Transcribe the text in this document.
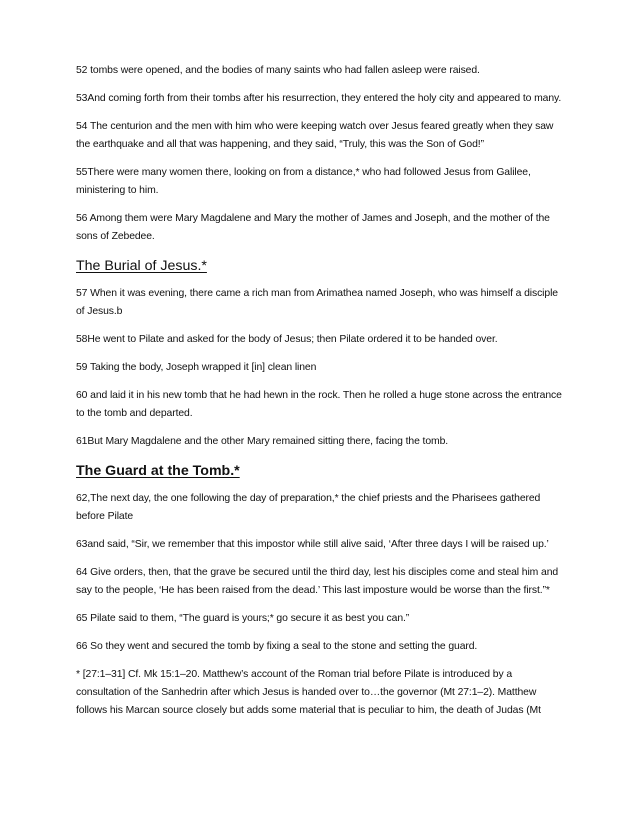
52 tombs were opened, and the bodies of many saints who had fallen asleep were raised.

53And coming forth from their tombs after his resurrection, they entered the holy city and appeared to many.

54 The centurion and the men with him who were keeping watch over Jesus feared greatly when they saw the earthquake and all that was happening, and they said, “Truly, this was the Son of God!”

55There were many women there, looking on from a distance,* who had followed Jesus from Galilee, ministering to him.

56 Among them were Mary Magdalene and Mary the mother of James and Joseph, and the mother of the sons of Zebedee.

The Burial of Jesus.*

57 When it was evening, there came a rich man from Arimathea named Joseph, who was himself a disciple of Jesus.b

58He went to Pilate and asked for the body of Jesus; then Pilate ordered it to be handed over.

59 Taking the body, Joseph wrapped it [in] clean linen

60 and laid it in his new tomb that he had hewn in the rock. Then he rolled a huge stone across the entrance to the tomb and departed.

61But Mary Magdalene and the other Mary remained sitting there, facing the tomb.

The Guard at the Tomb.*

62,The next day, the one following the day of preparation,* the chief priests and the Pharisees gathered before Pilate

63and said, “Sir, we remember that this impostor while still alive said, ‘After three days I will be raised up.’

64 Give orders, then, that the grave be secured until the third day, lest his disciples come and steal him and say to the people, ‘He has been raised from the dead.’ This last imposture would be worse than the first.”*

65 Pilate said to them, “The guard is yours;* go secure it as best you can.”

66 So they went and secured the tomb by fixing a seal to the stone and setting the guard.

* [27:1–31] Cf. Mk 15:1–20. Matthew’s account of the Roman trial before Pilate is introduced by a consultation of the Sanhedrin after which Jesus is handed over to…the governor (Mt 27:1–2). Matthew follows his Marcan source closely but adds some material that is peculiar to him, the death of Judas (Mt
